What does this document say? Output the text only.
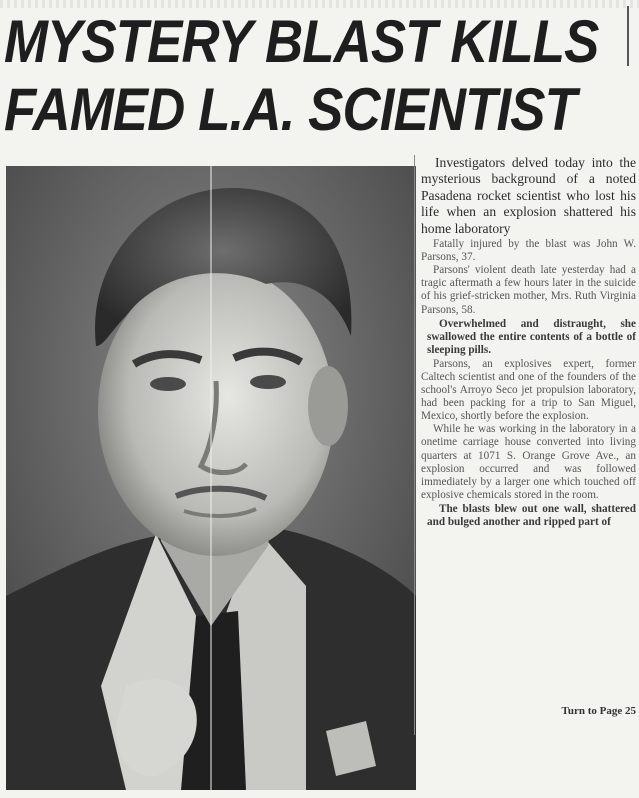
MYSTERY BLAST KILLS
FAMED L.A. SCIENTIST

Investigators delved today into the mysterious background of a noted Pasadena rocket scientist who lost his life when an explosion shattered his home laboratory

Fatally injured by the blast was John W. Parsons, 37.

Parsons' violent death late yesterday had a tragic aftermath a few hours later in the suicide of his grief-stricken mother, Mrs. Ruth Virginia Parsons, 58.

Overwhelmed and distraught, she swallowed the entire contents of a bottle of sleeping pills.

Parsons, an explosives expert, former Caltech scientist and one of the founders of the school's Arroyo Seco jet propulsion laboratory, had been packing for a trip to San Miguel, Mexico, shortly before the explosion.

While he was working in the laboratory in a onetime carriage house converted into living quarters at 1071 S. Orange Grove Ave., an explosion occurred and was followed immediately by a larger one which touched off explosive chemicals stored in the room.

The blasts blew out one wall, shattered and bulged another and ripped part of

Turn to Page 25
